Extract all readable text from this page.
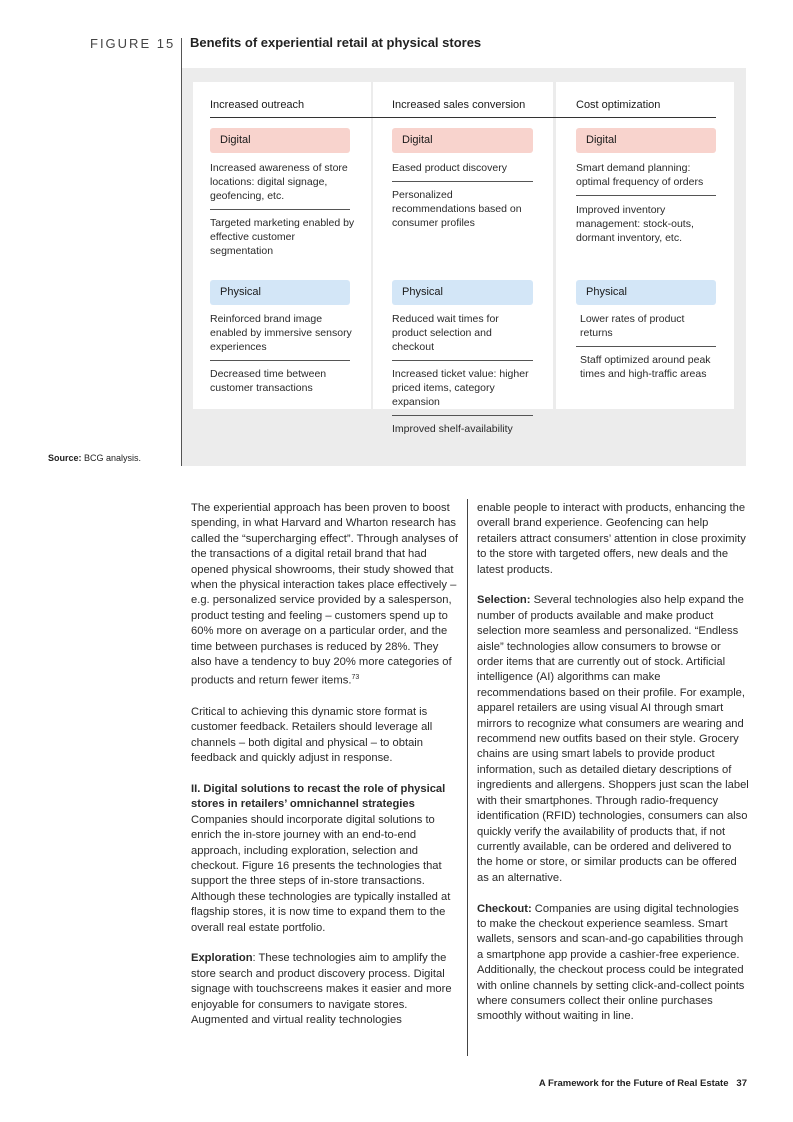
FIGURE 15 Benefits of experiential retail at physical stores
Increased outreach	Increased sales conversion	Cost optimization
Digital
Increased awareness of store locations: digital signage, geofencing, etc.
Targeted marketing enabled by effective customer segmentation
Physical
Reinforced brand image enabled by immersive sensory experiences
Decreased time between customer transactions
Digital
Eased product discovery
Personalized recommendations based on consumer profiles
Physical
Reduced wait times for product selection and checkout
Increased ticket value: higher priced items, category expansion
Improved shelf-availability
Digital
Smart demand planning: optimal frequency of orders
Improved inventory management: stock-outs, dormant inventory, etc.
Physical
Lower rates of product returns
Staff optimized around peak times and high-traffic areas
Source: BCG analysis.

The experiential approach has been proven to boost spending, in what Harvard and Wharton research has called the “supercharging effect”. Through analyses of the transactions of a digital retail brand that had opened physical showrooms, their study showed that when the physical interaction takes place effectively – e.g. personalized service provided by a salesperson, product testing and feeling – customers spend up to 60% more on average on a particular order, and the time between purchases is reduced by 28%. They also have a tendency to buy 20% more categories of products and return fewer items.$^{73}$

Critical to achieving this dynamic store format is customer feedback. Retailers should leverage all channels – both digital and physical – to obtain feedback and quickly adjust in response.

II. Digital solutions to recast the role of physical stores in retailers’ omnichannel strategies

Companies should incorporate digital solutions to enrich the in-store journey with an end-to-end approach, including exploration, selection and checkout. Figure 16 presents the technologies that support the three steps of in-store transactions. Although these technologies are typically installed at flagship stores, it is now time to expand them to the overall real estate portfolio.

Exploration: These technologies aim to amplify the store search and product discovery process. Digital signage with touchscreens makes it easier and more enjoyable for consumers to navigate stores. Augmented and virtual reality technologies

enable people to interact with products, enhancing the overall brand experience. Geofencing can help retailers attract consumers’ attention in close proximity to the store with targeted offers, new deals and the latest products.

Selection: Several technologies also help expand the number of products available and make product selection more seamless and personalized. “Endless aisle” technologies allow consumers to browse or order items that are currently out of stock. Artificial intelligence (AI) algorithms can make recommendations based on their profile. For example, apparel retailers are using visual AI through smart mirrors to recognize what consumers are wearing and recommend new outfits based on their style. Grocery chains are using smart labels to provide product information, such as detailed dietary descriptions of ingredients and allergens. Shoppers just scan the label with their smartphones. Through radio-frequency identification (RFID) technologies, consumers can also quickly verify the availability of products that, if not currently available, can be ordered and delivered to the home or store, or similar products can be offered as an alternative.

Checkout: Companies are using digital technologies to make the checkout experience seamless. Smart wallets, sensors and scan-and-go capabilities through a smartphone app provide a cashier-free experience. Additionally, the checkout process could be integrated with online channels by setting click-and-collect points where consumers collect their online purchases smoothly without waiting in line.

A Framework for the Future of Real Estate 37
